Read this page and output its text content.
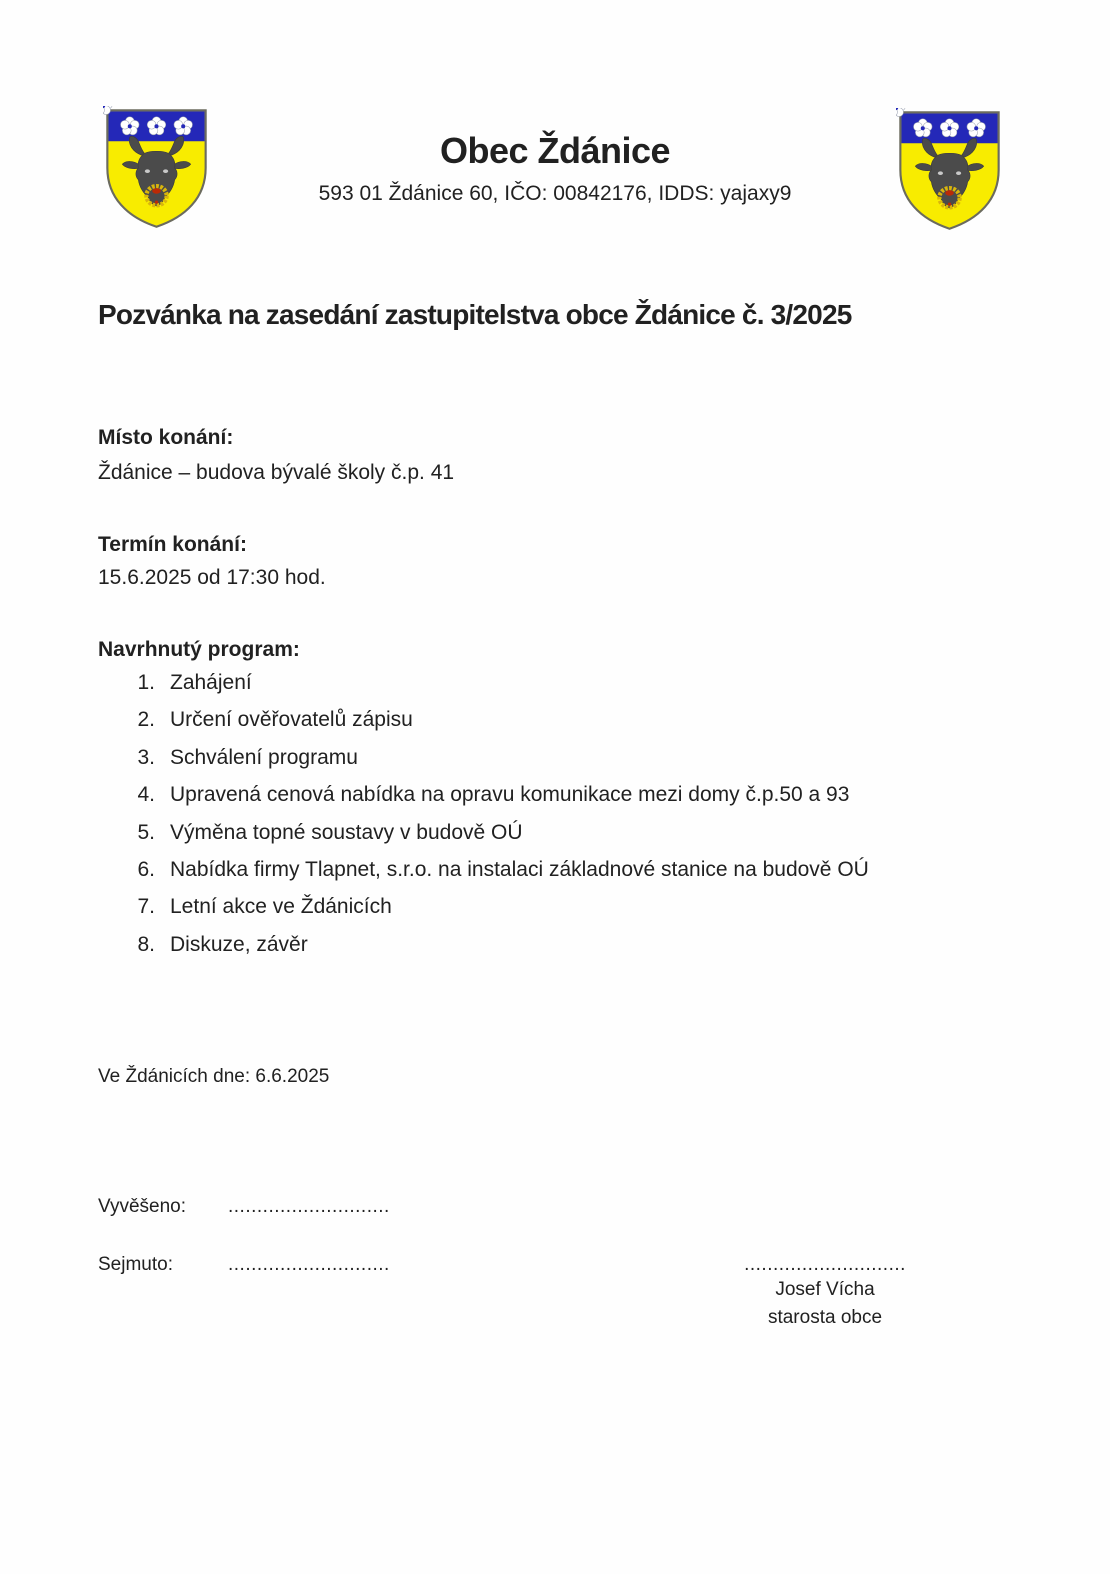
Obec Ždánice
593 01 Ždánice 60, IČO: 00842176, IDDS: yajaxy9
Pozvánka na zasedání zastupitelstva obce Ždánice č. 3/2025
Místo konání:
Ždánice – budova bývalé školy č.p. 41
Termín konání:
15.6.2025 od 17:30 hod.
Navrhnutý program:
1. Zahájení
2. Určení ověřovatelů zápisu
3. Schválení programu
4. Upravená cenová nabídka na opravu komunikace mezi domy č.p.50 a 93
5. Výměna topné soustavy v budově OÚ
6. Nabídka firmy Tlapnet, s.r.o. na instalaci základnové stanice na budově OÚ
7. Letní akce ve Ždánicích
8. Diskuze, závěr
Ve Ždánicích dne: 6.6.2025
Vyvěšeno: ............................
Sejmuto:	............................	............................
Josef Vícha
starosta obce
